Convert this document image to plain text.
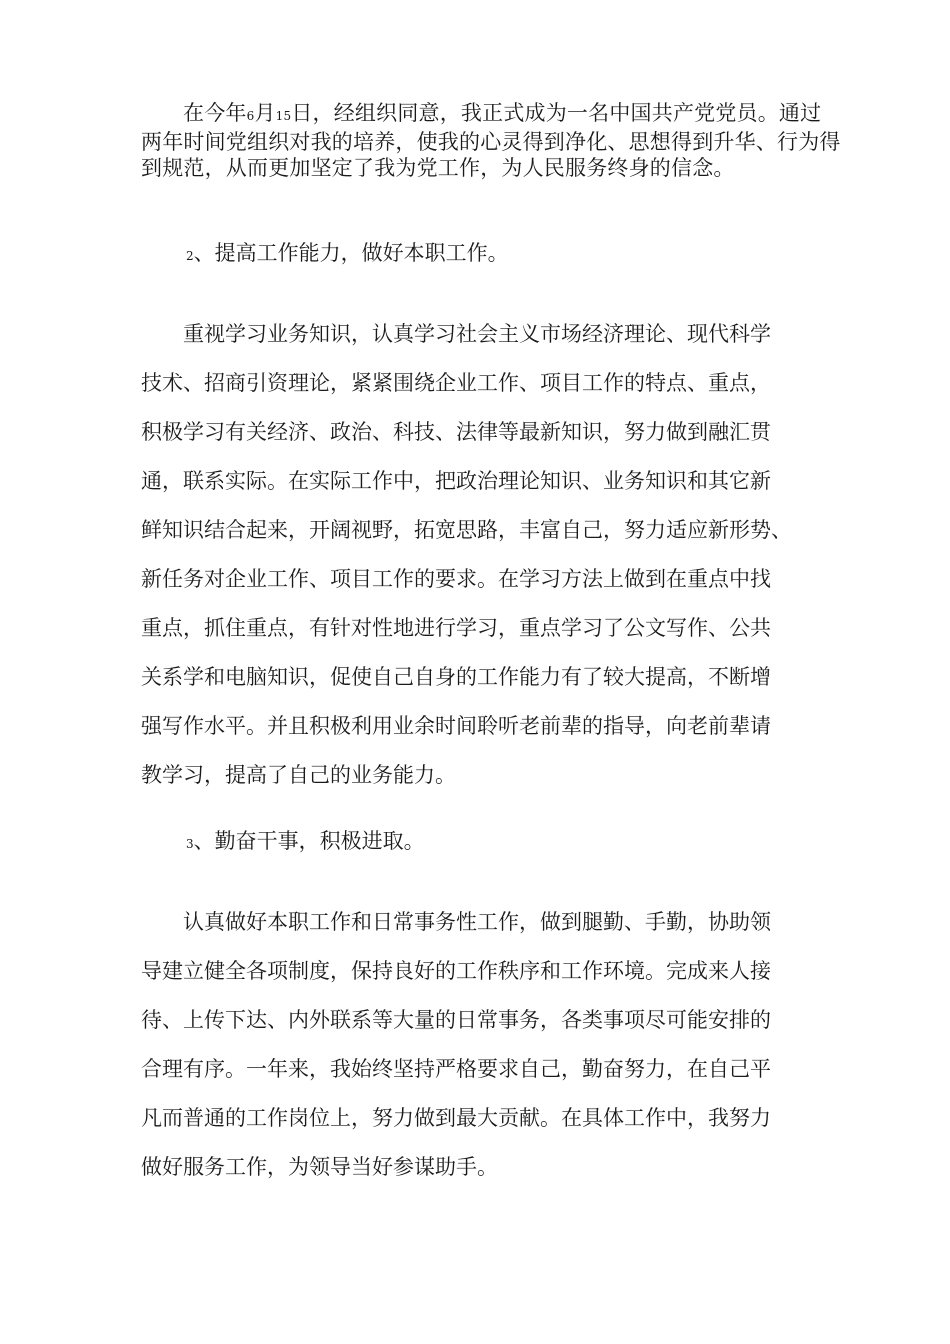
在今年6月15日，经组织同意，我正式成为一名中国共产党党员。通过两年时间党组织对我的培养，使我的心灵得到净化、思想得到升华、行为得到规范，从而更加坚定了我为党工作，为人民服务终身的信念。

2、提高工作能力，做好本职工作。

重视学习业务知识，认真学习社会主义市场经济理论、现代科学
技术、招商引资理论，紧紧围绕企业工作、项目工作的特点、重点，
积极学习有关经济、政治、科技、法律等最新知识，努力做到融汇贯
通，联系实际。在实际工作中，把政治理论知识、业务知识和其它新
鲜知识结合起来，开阔视野，拓宽思路，丰富自己，努力适应新形势、
新任务对企业工作、项目工作的要求。在学习方法上做到在重点中找
重点，抓住重点，有针对性地进行学习，重点学习了公文写作、公共
关系学和电脑知识，促使自己自身的工作能力有了较大提高，不断增
强写作水平。并且积极利用业余时间聆听老前辈的指导，向老前辈请
教学习，提高了自己的业务能力。

3、勤奋干事，积极进取。

认真做好本职工作和日常事务性工作，做到腿勤、手勤，协助领
导建立健全各项制度，保持良好的工作秩序和工作环境。完成来人接
待、上传下达、内外联系等大量的日常事务，各类事项尽可能安排的
合理有序。一年来，我始终坚持严格要求自己，勤奋努力，在自己平
凡而普通的工作岗位上，努力做到最大贡献。在具体工作中，我努力
做好服务工作，为领导当好参谋助手。
